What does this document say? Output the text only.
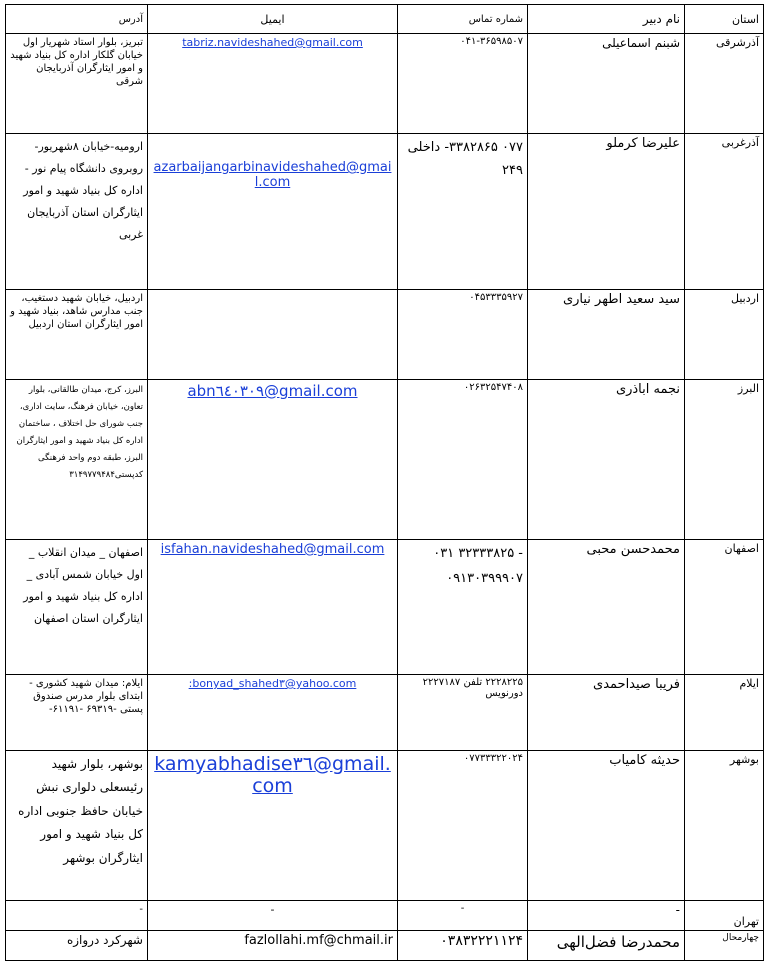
استان	نام دبیر	شماره تماس	ایمیل	آدرس
آذرشرقی	شبنم اسماعیلی	۰۴۱-۳۶۵۹۸۵۰۷	tabriz.navideshahed@gmail.com	تبریز، بلوار استاد شهریار اول خیابان گلکار اداره کل بنیاد شهید و امور ایثارگران آذربایجان شرقی
آذرغربی	علیرضا کرملو	۰۷۷ ۳۳۸۲۸۶۵- داخلی ۲۴۹	azarbaijangarbinavideshahed@gmail.com	ارومیه-خیابان ۸شهریور-روبروی دانشگاه پیام نور - اداره کل بنیاد شهید و امور ایثارگران استان آذربایجان غربی
اردبیل	سید سعید اطهر نیاری	۰۴۵۳۳۳۵۹۲۷		اردبیل، خیابان شهید دستغیب، جنب مدارس شاهد، بنیاد شهید و امور ایثارگران استان اردبیل
البرز	نجمه اباذری	۰۲۶۳۲۵۴۷۴۰۸	abn٦٤٠٣٠٩@gmail.com	البرز، کرج، میدان طالقانی، بلوار تعاون، خیابان فرهنگ، سایت اداری، جنب شورای حل اختلاف ، ساختمان اداره کل بنیاد شهید و امور ایثارگران البرز، طبقه دوم واحد فرهنگی کدپستی۳۱۴۹۷۷۹۴۸۴
اصفهان	محمدحسن محبی	- ۳۲۳۳۳۸۲۵ ۰۳۱ ۰۹۱۳۰۳۹۹۹۰۷	isfahan.navideshahed@gmail.com	اصفهان _ میدان انقلاب _ اول خیابان شمس آبادی _ اداره کل بنیاد شهید و امور ایثارگران استان اصفهان
ایلام	فریبا صیداحمدی	۲۲۲۸۲۲۵ تلفن ۲۲۲۷۱۸۷ دورنویس	:bonyad_shahed٣@yahoo.com	ایلام: میدان شهید کشوری - ابتدای بلوار مدرس صندوق پستی -۶۹۳۱۹ -۶۱۱۹۱-
بوشهر	حدیثه کامیاب	۰۷۷۳۳۳۲۲۰۲۴	kamyabhadise٣٦@gmail.com	بوشهر، بلوار شهید رئیسعلی دلواری نبش خیابان حافظ جنوبی اداره کل بنیاد شهید و امور ایثارگران بوشهر
تهران	-	-	-	-
چهارمحال	محمدرضا فضل‌الهی	۰۳۸۳۲۲۲۱۱۲۴	fazlollahi.mf@chmail.ir	شهرکرد دروازه
